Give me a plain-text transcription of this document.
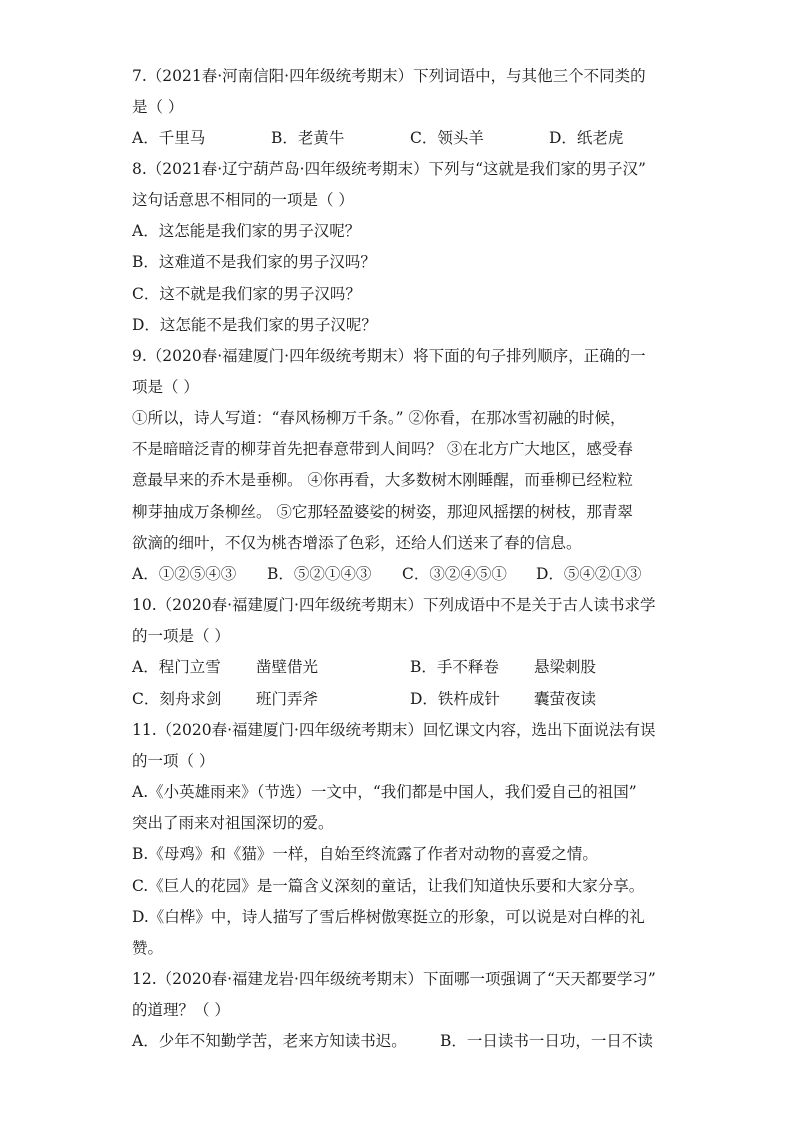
7.（2021春·河南信阳·四年级统考期末）下列词语中，与其他三个不同类的
是（ ）
A．千里马	B．老黄牛	C．领头羊	D．纸老虎
8.（2021春·辽宁葫芦岛·四年级统考期末）下列与“这就是我们家的男子汉”
这句话意思不相同的一项是（ ）
A．这怎能是我们家的男子汉呢？
B．这难道不是我们家的男子汉吗？
C．这不就是我们家的男子汉吗？
D．这怎能不是我们家的男子汉呢？
9.（2020春·福建厦门·四年级统考期末）将下面的句子排列顺序，正确的一
项是（ ）
①所以，诗人写道：“春风杨柳万千条。” ②你看，在那冰雪初融的时候，
不是暗暗泛青的柳芽首先把春意带到人间吗？ ③在北方广大地区，感受春
意最早来的乔木是垂柳。 ④你再看，大多数树木刚睡醒，而垂柳已经粒粒
柳芽抽成万条柳丝。 ⑤它那轻盈婆娑的树姿，那迎风摇摆的树枝，那青翠
欲滴的细叶，不仅为桃杏增添了色彩，还给人们送来了春的信息。
A．①②⑤④③ B．⑤②①④③ C．③②④⑤① D．⑤④②①③
10.（2020春·福建厦门·四年级统考期末）下列成语中不是关于古人读书求学
的一项是（ ）
A．程门立雪 凿壁借光	B．手不释卷 悬梁刺股
C．刻舟求剑 班门弄斧	D．铁杵成针 囊萤夜读
11.（2020春·福建厦门·四年级统考期末）回忆课文内容，选出下面说法有误
的一项（ ）
A.《小英雄雨来》（节选）一文中，“我们都是中国人，我们爱自己的祖国”
突出了雨来对祖国深切的爱。
B.《母鸡》和《猫》一样，自始至终流露了作者对动物的喜爱之情。
C.《巨人的花园》是一篇含义深刻的童话，让我们知道快乐要和大家分享。
D.《白桦》中，诗人描写了雪后桦树傲寒挺立的形象，可以说是对白桦的礼
赞。
12.（2020春·福建龙岩·四年级统考期末）下面哪一项强调了“天天都要学习”
的道理？（ ）
A．少年不知勤学苦，老来方知读书迟。 B．一日读书一日功，一日不读
